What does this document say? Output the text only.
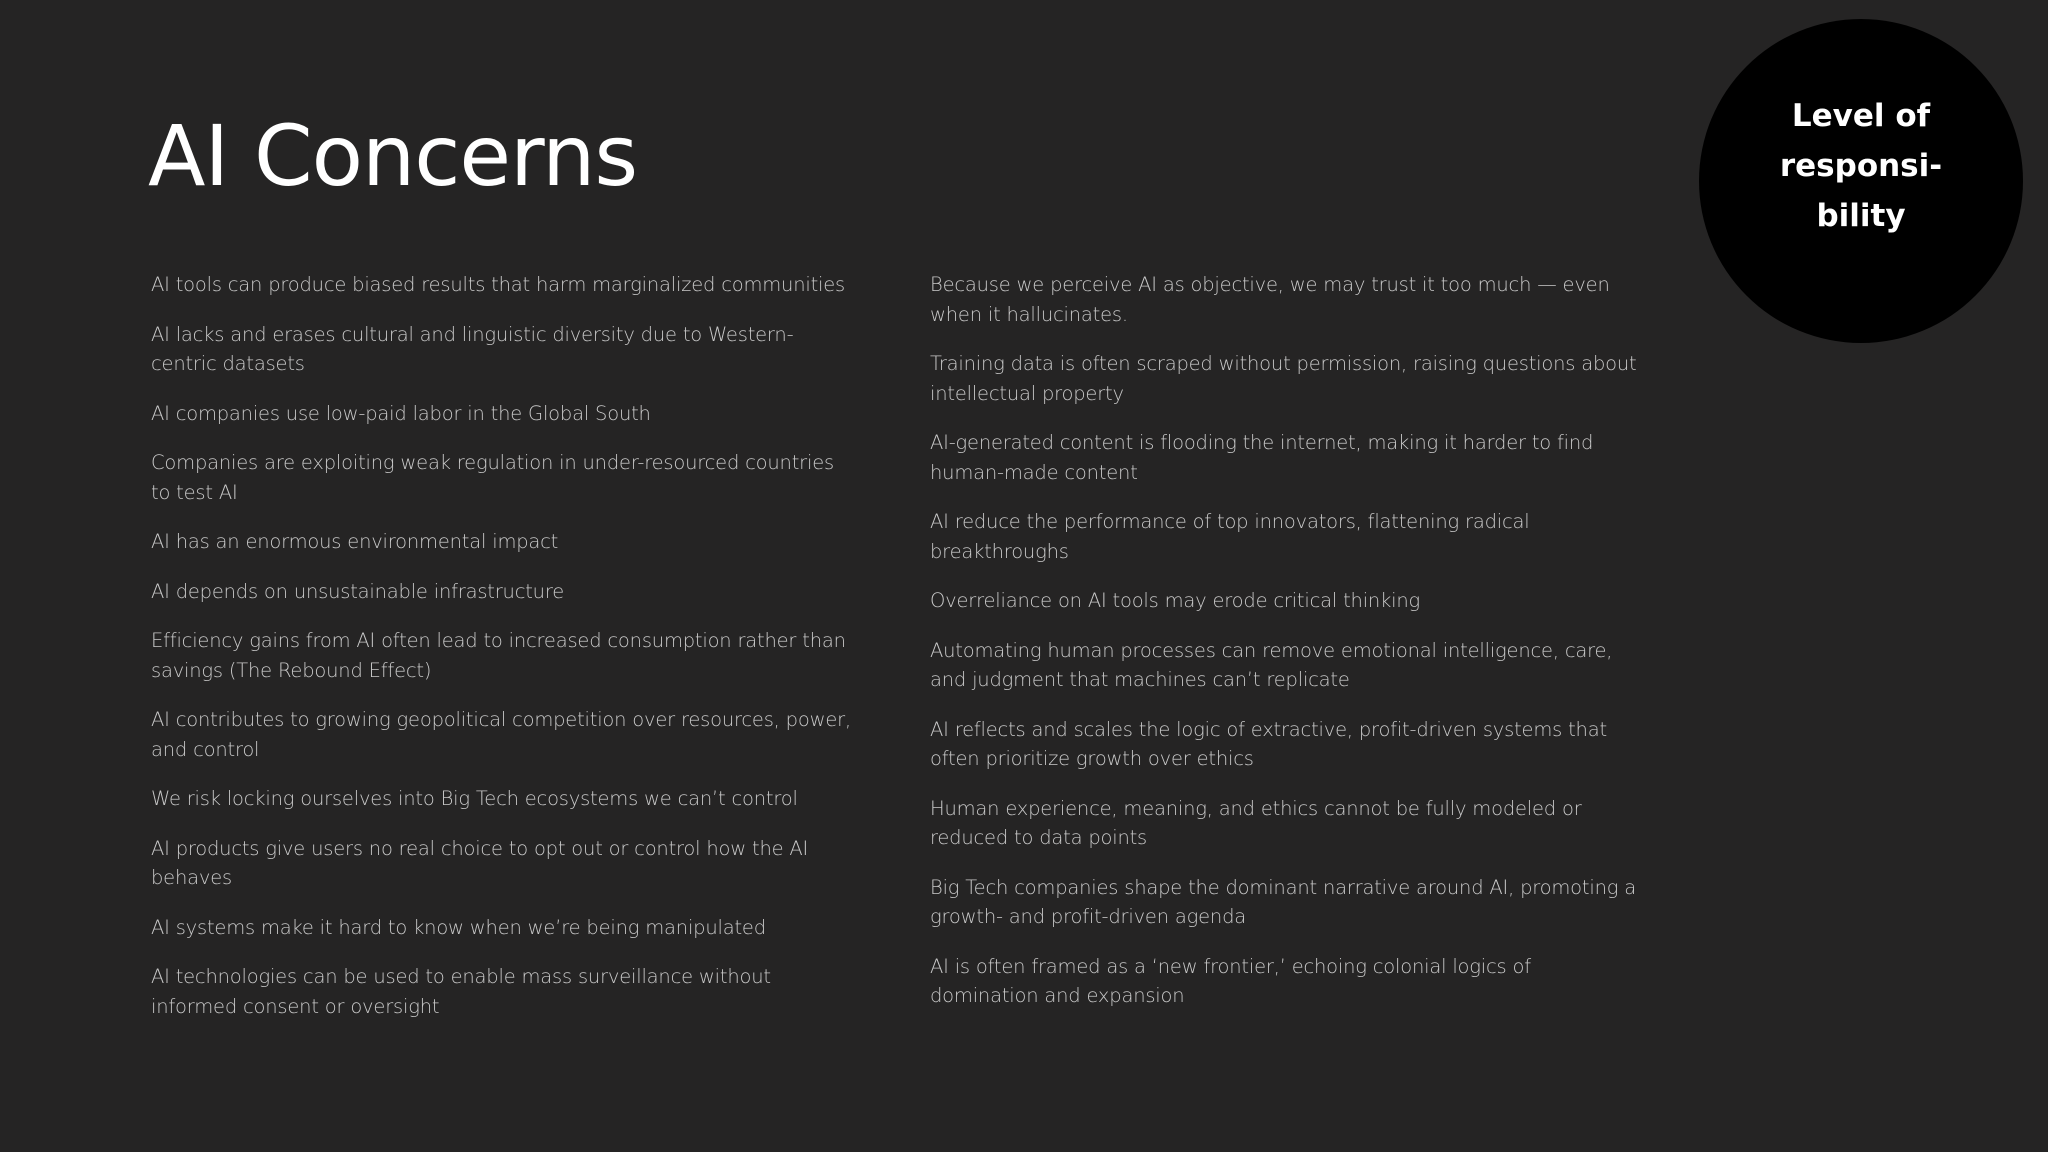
AI Concerns	Level of
responsi-
bility
AI tools can produce biased results that harm marginalized communities
AI lacks and erases cultural and linguistic diversity due to Western-centric datasets
AI companies use low-paid labor in the Global South
Companies are exploiting weak regulation in under-resourced countries to test AI
AI has an enormous environmental impact
AI depends on unsustainable infrastructure
Efficiency gains from AI often lead to increased consumption rather than savings (The Rebound Effect)
AI contributes to growing geopolitical competition over resources, power, and control
We risk locking ourselves into Big Tech ecosystems we can’t control
AI products give users no real choice to opt out or control how the AI behaves
AI systems make it hard to know when we’re being manipulated
AI technologies can be used to enable mass surveillance without informed consent or oversight
Because we perceive AI as objective, we may trust it too much — even when it hallucinates.
Training data is often scraped without permission, raising questions about intellectual property
AI-generated content is flooding the internet, making it harder to find human-made content
AI reduce the performance of top innovators, flattening radical breakthroughs
Overreliance on AI tools may erode critical thinking
Automating human processes can remove emotional intelligence, care, and judgment that machines can’t replicate
AI reflects and scales the logic of extractive, profit-driven systems that often prioritize growth over ethics
Human experience, meaning, and ethics cannot be fully modeled or reduced to data points
Big Tech companies shape the dominant narrative around AI, promoting a growth- and profit-driven agenda
AI is often framed as a ‘new frontier,’ echoing colonial logics of domination and expansion
